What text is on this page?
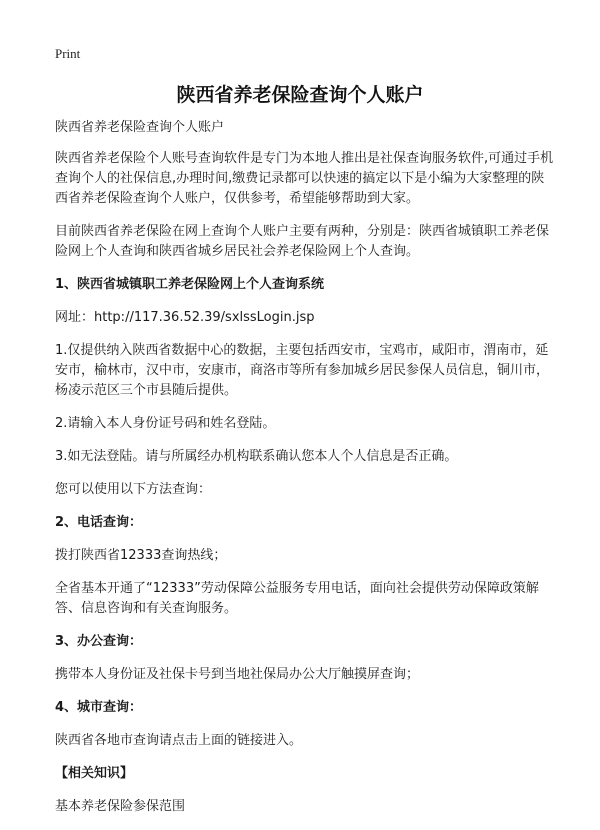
Print
陕西省养老保险查询个人账户

陕西省养老保险查询个人账户

陕西省养老保险个人账号查询软件是专门为本地人推出是社保查询服务软件,可通过手机查询个人的社保信息,办理时间,缴费记录都可以快速的搞定以下是小编为大家整理的陕西省养老保险查询个人账户，仅供参考，希望能够帮助到大家。

目前陕西省养老保险在网上查询个人账户主要有两种，分别是：陕西省城镇职工养老保险网上个人查询和陕西省城乡居民社会养老保险网上个人查询。

1、陕西省城镇职工养老保险网上个人查询系统

网址：http://117.36.52.39/sxlssLogin.jsp

1.仅提供纳入陕西省数据中心的数据，主要包括西安市，宝鸡市，咸阳市，渭南市，延安市，榆林市，汉中市，安康市，商洛市等所有参加城乡居民参保人员信息，铜川市，杨凌示范区三个市县随后提供。

2.请输入本人身份证号码和姓名登陆。

3.如无法登陆。请与所属经办机构联系确认您本人个人信息是否正确。

您可以使用以下方法查询：

2、电话查询：

拨打陕西省12333查询热线；

全省基本开通了“12333”劳动保障公益服务专用电话，面向社会提供劳动保障政策解答、信息咨询和有关查询服务。

3、办公查询：

携带本人身份证及社保卡号到当地社保局办公大厅触摸屏查询；

4、城市查询：

陕西省各地市查询请点击上面的链接进入。

【相关知识】

基本养老保险参保范围
